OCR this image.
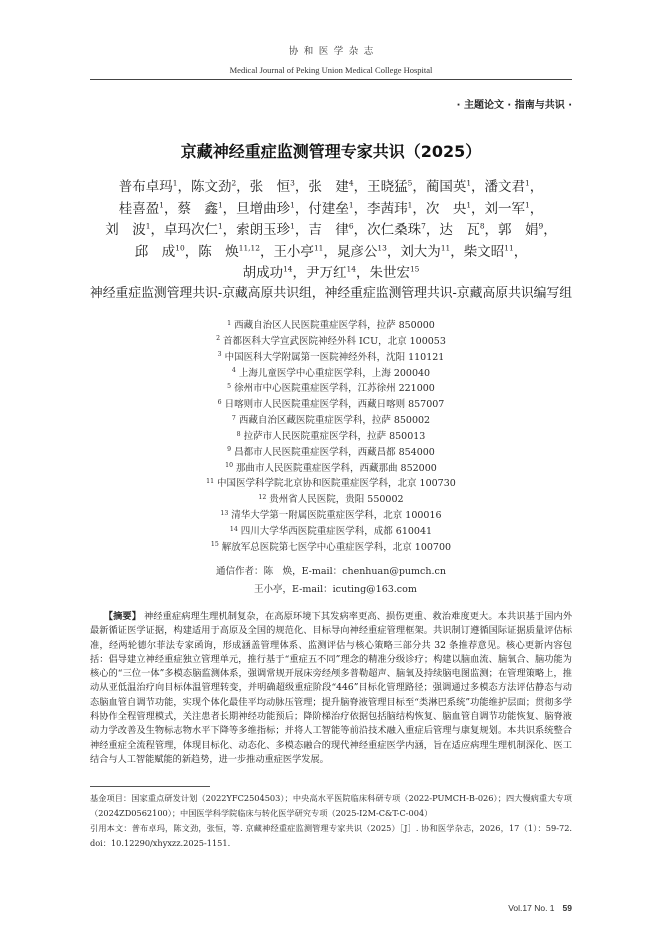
协和医学杂志
Medical Journal of Peking Union Medical College Hospital
· 主题论文 · 指南与共识 ·
京藏神经重症监测管理专家共识（2025）
普布卓玛$^1$，陈文劲$^2$，张　恒$^3$，张　建$^4$，王晓猛$^5$，蔺国英$^1$，潘文君$^1$，
桂喜盈$^1$，蔡　鑫$^1$，旦增曲珍$^1$，付建垒$^1$，李茜玮$^1$，次　央$^1$，刘一军$^1$，
刘　波$^1$，卓玛次仁$^1$，索朗玉珍$^1$，吉　律$^6$，次仁桑珠$^7$，达　瓦$^8$，郭　娟$^9$，
邱　成$^{10}$，陈　焕$^{11,12}$，王小亭$^{11}$，晁彦公$^{13}$，刘大为$^{11}$，柴文昭$^{11}$，
胡成功$^{14}$，尹万红$^{14}$，朱世宏$^{15}$
神经重症监测管理共识-京藏高原共识组，神经重症监测管理共识-京藏高原共识编写组
$^1$ 西藏自治区人民医院重症医学科，拉萨 850000
$^2$ 首都医科大学宣武医院神经外科 ICU，北京 100053
$^3$ 中国医科大学附属第一医院神经外科，沈阳 110121
$^4$ 上海儿童医学中心重症医学科，上海 200040
$^5$ 徐州市中心医院重症医学科，江苏徐州 221000
$^6$ 日喀则市人民医院重症医学科，西藏日喀则 857007
$^7$ 西藏自治区藏医院重症医学科，拉萨 850002
$^8$ 拉萨市人民医院重症医学科，拉萨 850013
$^9$ 昌都市人民医院重症医学科，西藏昌都 854000
$^{10}$ 那曲市人民医院重症医学科，西藏那曲 852000
$^{11}$ 中国医学科学院北京协和医院重症医学科，北京 100730
$^{12}$ 贵州省人民医院，贵阳 550002
$^{13}$ 清华大学第一附属医院重症医学科，北京 100016
$^{14}$ 四川大学华西医院重症医学科，成都 610041
$^{15}$ 解放军总医院第七医学中心重症医学科，北京 100700
通信作者：陈　焕，E-mail：chenhuan@pumch.cn
王小亭，E-mail：icuting@163.com
【摘要】 神经重症病理生理机制复杂，在高原环境下其发病率更高、损伤更重、救治难度更大。本共识基于国内外最新循证医学证据，构建适用于高原及全国的规范化、目标导向神经重症管理框架。共识制订遵循国际证据质量评估标准，经两轮德尔菲法专家函询，形成涵盖管理体系、监测评估与核心策略三部分共 32 条推荐意见。核心更新内容包括：倡导建立神经重症独立管理单元，推行基于“重症五不同”理念的精准分级诊疗；构建以脑血流、脑氧合、脑功能为核心的“三位一体”多模态脑监测体系，强调常规开展床旁经颅多普勒超声、脑氧及持续脑电图监测；在管理策略上，推动从亚低温治疗向目标体温管理转变，并明确超级重症阶段“446”目标化管理路径；强调通过多模态方法评估静态与动态脑血管自调节功能，实现个体化最佳平均动脉压管理；提升脑脊液管理目标至“类淋巴系统”功能维护层面；贯彻多学科协作全程管理模式，关注患者长期神经功能预后；降阶梯治疗依据包括脑结构恢复、脑血管自调节功能恢复、脑脊液动力学改善及生物标志物水平下降等多维指标；并将人工智能等前沿技术融入重症后管理与康复规划。本共识系统整合神经重症全流程管理，体现目标化、动态化、多模态融合的现代神经重症医学内涵，旨在适应病理生理机制深化、医工结合与人工智能赋能的新趋势，进一步推动重症医学发展。

基金项目：国家重点研发计划（2022YFC2504503）；中央高水平医院临床科研专项（2022-PUMCH-B-026）；四大慢病重大专项（2024ZD0562100）；中国医学科学院临床与转化医学研究专项（2025-I2M-C&T-C-004）

引用本文：普布卓玛，陈文劲，张恒，等. 京藏神经重症监测管理专家共识（2025）［J］. 协和医学杂志，2026，17（1）：59-72. doi：10.12290/xhyxzz.2025-1151.

Vol.17 No. 1 59
